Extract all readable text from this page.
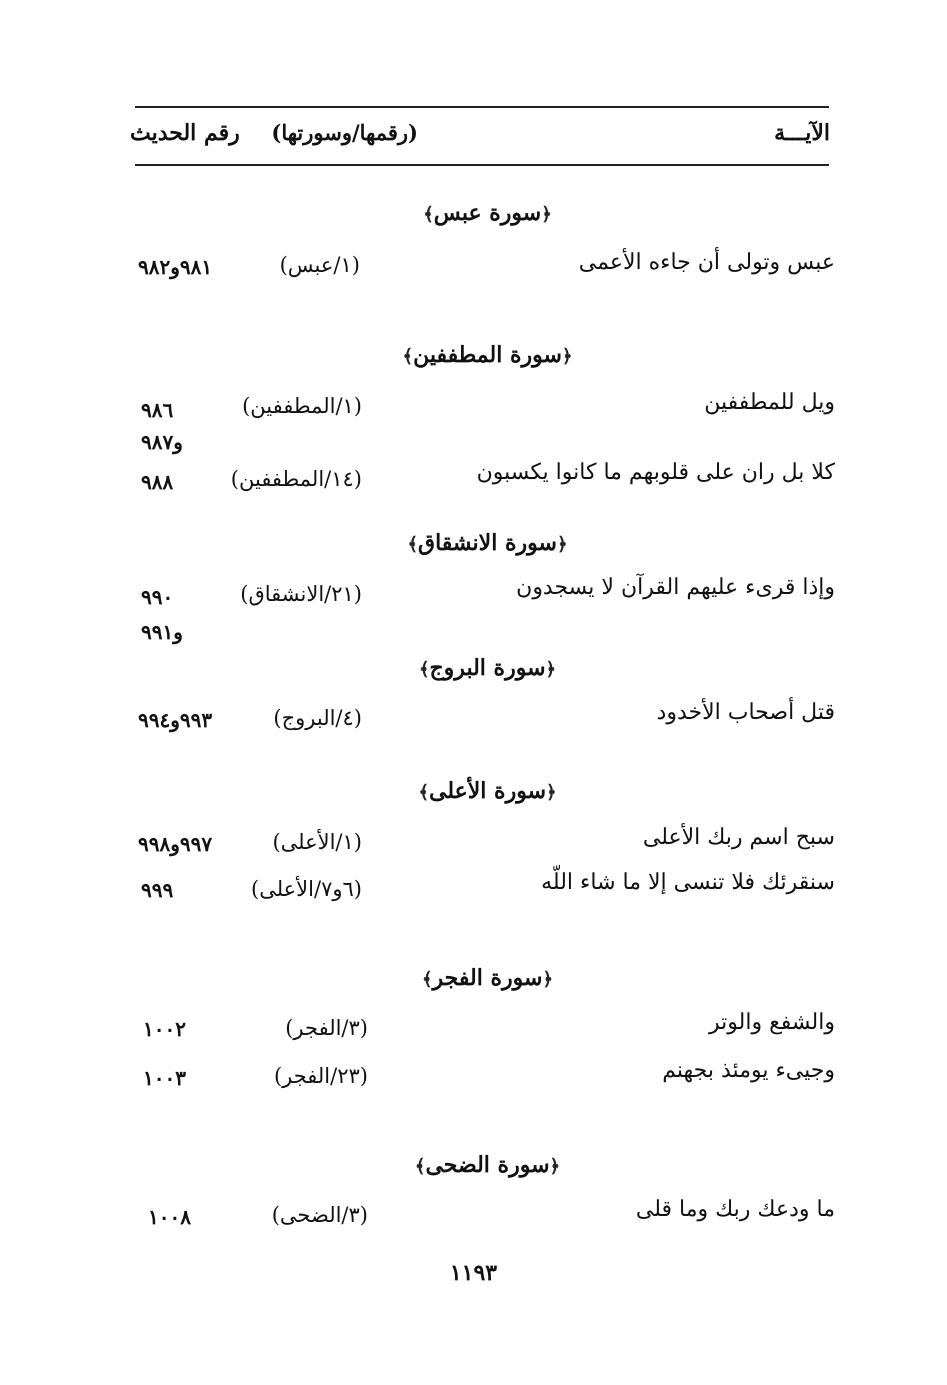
الآيـــة
(رقمها/وسورتها)
رقم الحديث
﴿سورة عبس﴾
عبس وتولى أن جاءه الأعمى
(١/عبس)
٩٨١و٩٨٢
﴿سورة المطففين﴾
ويل للمطففين
(١/المطففين)
٩٨٦
و٩٨٧
كلا بل ران على قلوبهم ما كانوا يكسبون
(١٤/المطففين)
٩٨٨
﴿سورة الانشقاق﴾
وإذا قرىء عليهم القرآن لا يسجدون
(٢١/الانشقاق)
٩٩٠
و٩٩١
﴿سورة البروج﴾
قتل أصحاب الأخدود
(٤/البروج)
٩٩٣و٩٩٤
﴿سورة الأعلى﴾
سبح اسم ربك الأعلى
(١/الأعلى)
٩٩٧و٩٩٨
سنقرئك فلا تنسى إلا ما شاء اللّه
(٦و٧/الأعلى)
٩٩٩
﴿سورة الفجر﴾
والشفع والوتر
(٣/الفجر)
١٠٠٢
وجيىء يومئذ بجهنم
(٢٣/الفجر)
١٠٠٣
﴿سورة الضحى﴾
ما ودعك ربك وما قلى
(٣/الضحى)
١٠٠٨
١١٩٣
